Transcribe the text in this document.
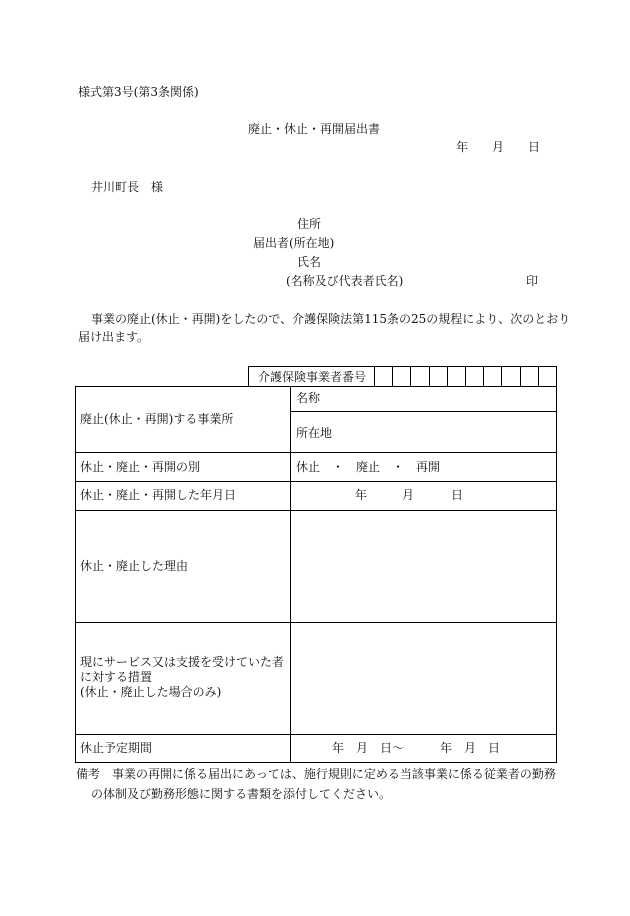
様式第3号(第3条関係)
廃止・休止・再開届出書
年 月 日
井川町長　様
住所
届出者(所在地)
氏名
(名称及び代表者氏名)	印
事業の廃止(休止・再開)をしたので、介護保険法第115条の25の規程により、次のとおり
届け出ます。
介護保険事業者番号
廃止(休止・再開)する事業所
名称
所在地
休止・廃止・再開の別	休止　・　廃止　・　再開
休止・廃止・再開した年月日	年	月	日
休止・廃止した理由
現にサービス又は支援を受けていた者
に対する措置
(休止・廃止した場合のみ)
休止予定期間	年　月　日〜　　　年　月　日
備考　事業の再開に係る届出にあっては、施行規則に定める当該事業に係る従業者の勤務
の体制及び勤務形態に関する書類を添付してください。
